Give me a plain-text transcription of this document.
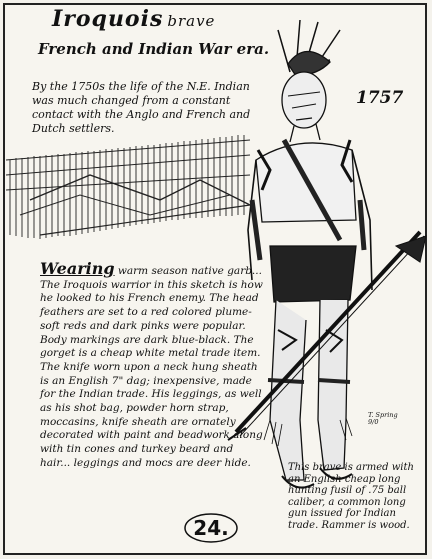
Iroquois brave
French and Indian War era.
1757
By the 1750s the life of the N.E. Indian was much changed from a constant contact with the Anglo and French and Dutch settlers.
Wearing warm season native garb... The Iroquois warrior in this sketch is how he looked to his French enemy. The head feathers are set to a red colored plume- soft reds and dark pinks were popular. Body markings are dark blue-black. The gorget is a cheap white metal trade item. The knife worn upon a neck hung sheath is an English 7" dag; inexpensive, made for the Indian trade. His leggings, as well as his shot bag, powder horn strap, moccasins, knife sheath are ornately decorated with paint and beadwork along with tin cones and turkey beard and hair... leggings and mocs are deer hide.	This brave is armed with an English cheap long hunting fusil of .75 ball caliber, a common long gun issued for Indian trade. Rammer is wood.
T. Spring 9/0
24.
